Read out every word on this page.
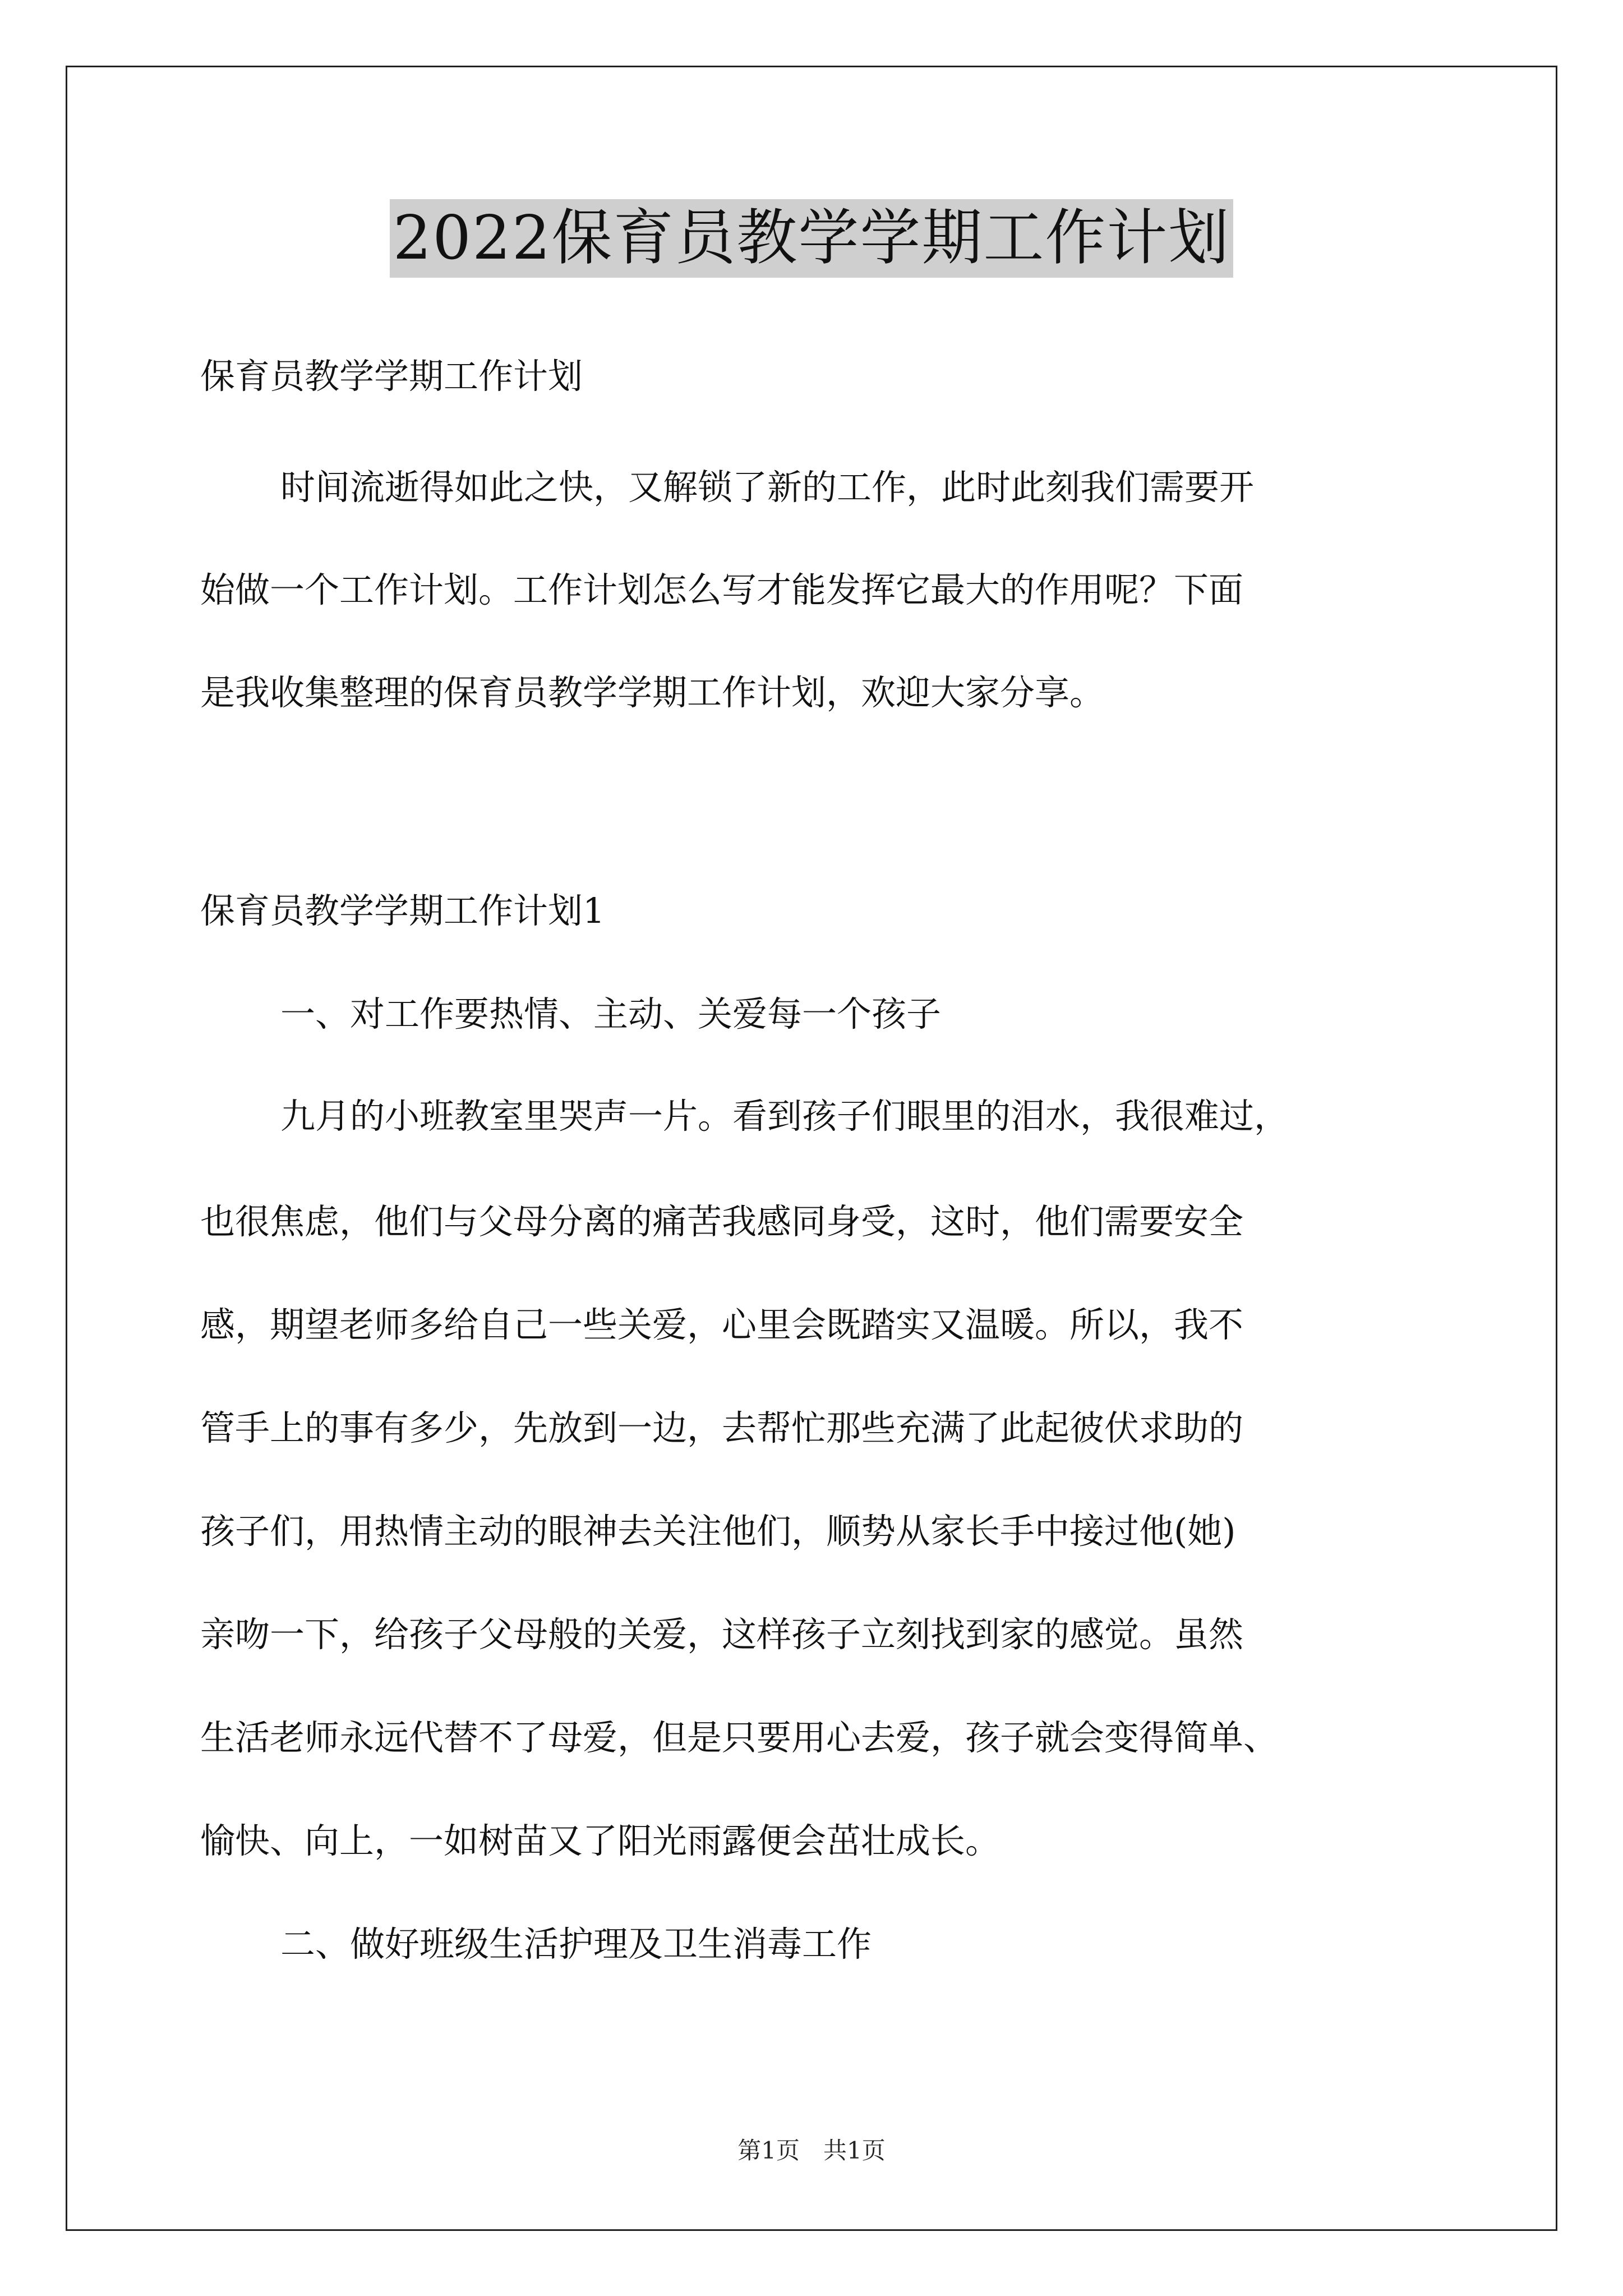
2022保育员教学学期工作计划
保育员教学学期工作计划
时间流逝得如此之快，又解锁了新的工作，此时此刻我们需要开
始做一个工作计划。工作计划怎么写才能发挥它最大的作用呢？下面
是我收集整理的保育员教学学期工作计划，欢迎大家分享。
保育员教学学期工作计划1
一、对工作要热情、主动、关爱每一个孩子
九月的小班教室里哭声一片。看到孩子们眼里的泪水，我很难过，
也很焦虑，他们与父母分离的痛苦我感同身受，这时，他们需要安全
感，期望老师多给自己一些关爱，心里会既踏实又温暖。所以，我不
管手上的事有多少，先放到一边，去帮忙那些充满了此起彼伏求助的
孩子们，用热情主动的眼神去关注他们，顺势从家长手中接过他(她)
亲吻一下，给孩子父母般的关爱，这样孩子立刻找到家的感觉。虽然
生活老师永远代替不了母爱，但是只要用心去爱，孩子就会变得简单、
愉快、向上，一如树苗又了阳光雨露便会茁壮成长。
二、做好班级生活护理及卫生消毒工作
第1页　共1页
